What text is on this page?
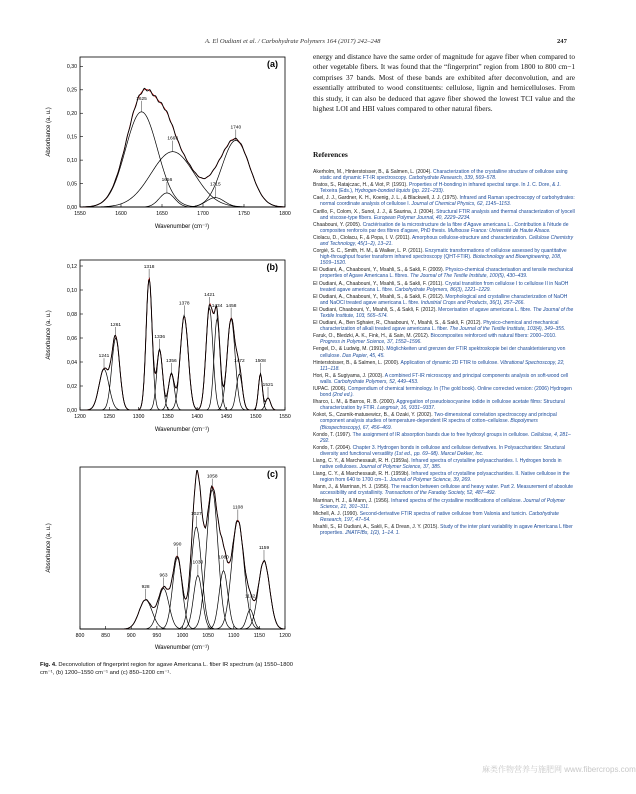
A. El Oudiani et al. / Carbohydrate Polymers 164 (2017) 242–248	247
(a)
Absorbance (a. u.)
Wavenumber (cm⁻¹)
1550	1600	1650	1700	1750	1800
0,00
0,05
0,10
0,15
0,20
0,25
0,30
1625
1656
1663
1715
1740
(b)
Absorbance (a. u.)
Wavenumber (cm⁻¹)
1200	1250	1300	1350	1400	1450	1500	1550
0,00
0,02
0,04
0,06
0,08
0,10
0,12
1241
1261
1318
1336
1356
1378
1421
1434 1458
1472 1508
1521
(c)
Absorbance (a. u.)
Wavenumber (cm⁻¹)
800	850	900	950	1000	1050	1100	1150	1200
928
963
990
1027
1030
1058
1080
1108
1132
1159
Fig. 4. Deconvolution of fingerprint region for agave Americana L. fiber IR spectrum (a) 1550–1800 cm⁻¹, (b) 1200–1550 cm⁻¹ and (c) 850–1200 cm⁻¹.
energy and distance have the same order of magnitude for agave fiber when compared to other vegetable fibers. It was found that the “fingerprint” region from 1800 to 800 cm−1 comprises 37 bands. Most of these bands are exhibited after deconvolution, and are essentially attributed to wood constituents: cellulose, lignin and hemicelluloses. From this study, it can also be deduced that agave fiber showed the lowest TCI value and the highest LOI and HBI values compared to other natural fibers.
References
Akerholm, M., Hinterstoisser, B., & Salmen, L. (2004). Characterization of the crystalline structure of cellulose using static and dynamic FT-IR spectroscopy. Carbohydrate Research, 339, 569–578.
Bratos, S., Ratajczac, H., & Viot, P. (1991). Properties of H-bonding in infrared spectral range. In J. C. Dore, & J. Teixeira (Eds.), Hydrogen-bonded liquids (pp. 221–233).
Cael, J. J., Gardner, K. H., Koenig, J. L., & Blackwell, J. J. (1975). Infrared and Raman spectroscopy of carbohydrates: normal coordinate analysis of cellulose I. Journal of Chemical Physics, 62, 1145–1153.
Carillo, F., Colom, X., Sunol, J. J., & Saurina, J. (2004). Structural FTIR analysis and thermal characterization of lyocell and viscose-type fibers. European Polymer Journal, 40, 2229–2234.
Chaabouni, Y. (2005). Cractérisation de la microstructure de la fibre d'Agave americana L.. Contribution à l'étude de composites renforcés par des fibres d'agave, PhD thesis. Mulhouse France: Université de Haute Alsace.
Ciolacu, D., Ciolacu, F., & Popa, I. V. (2011). Amorphous cellulose-structure and characterization. Cellulose Chemistry and Technology, 45(1–2), 13–21.
Corgié, S. C., Smith, H. M., & Walker, L. P. (2011). Enzymatic transformations of cellulose assessed by quantitative high-throughput fourier transform infrared spectroscopy (QHT-FTIR). Biotechnology and Bioengineering, 108, 1509–1520.
El Oudiani, A., Chaabouni, Y., Msahli, S., & Sakli, F. (2009). Physico-chemical characterisation and tensile mechanical properties of Agave Americana L. fibres. The Journal of The Textile Institute, 100(5), 430–439.
El Oudiani, A., Chaabouni, Y., Msahli, S., & Sakli, F. (2011). Crystal transition from cellulose I to cellulose II in NaOH treated agave americana L. fibre. Carbohydrate Polymers, 86(3), 1221–1229.
El Oudiani, A., Chaabouni, Y., Msahli, S., & Sakli, F. (2012). Morphological and crystalline characterization of NaOH and NaOCl treated agave americana L. fibre. Industrial Crops and Products, 36(1), 257–266.
El Oudiani, Chaabouni, Y., Msahli, S., & Sakli, F. (2012). Mercerisation of agave americana L. fibre. The Journal of the Textile Institute, 103, 565–574.
El Oudiani, A., Ben Sghaier, R., Chaabouni, Y., Msahli, S., & Sakli, F. (2012). Physico-chemical and mechanical characterization of alkali treated agave americana L. fiber. The Journal of the Textile Institute, 103(4), 349–355.
Faruk, O., Bledzki, A. K., Fink, H., & Sain, M. (2012). Biocomposites reinforced with natural fibers: 2000–2010. Progress in Polymer Science, 37, 1552–1596.
Fengel, D., & Ludwig, M. (1991). Möglichkeiten und grenzen der FTIR spektroskopie bei der charakterisierung von cellulose. Das Papier, 45, 45.
Hinterstoisser, B., & Salmen, L. (2000). Application of dynamic 2D FTIR to cellulose. Vibrational Spectroscopy, 22, 111–118.
Hori, R., & Sugiyama, J. (2003). A combined FT-IR microscopy and principal components analysis on soft-wood cell walls. Carbohydrate Polymers, 52, 449–453.
IUPAC. (2006). Compendium of chemical terminology. In (The gold book). Online corrected version: (2006) Hydrogen bond (2nd ed.).
Ilharco, L. M., & Barros, R. B. (2000). Aggregation of pseudoisocyanine iodide in cellulose acetate films: Structural characterization by FTIR. Langmuir, 16, 9331–9337.
Kokot, S., Czarnik-matusewicz, B., & Ozaki, Y. (2002). Two-dimensional correlation spectroscopy and principal component analysis studies of temperature-dependent IR spectra of cotton–cellulose. Biopolymers (Biospectroscopy), 67, 456–469.
Kondo, T. (1997). The assignment of IR absorption bands due to free hydroxyl groups in cellulose. Cellulose, 4, 281–292.
Kondo, T. (2004). Chapter 3. Hydrogen bonds in cellulose and cellulose derivatives. In Polysaccharides: Structural diversity and functional versatility (1st ed., pp. 69–98). Marcel Dekker, Inc.
Liang, C. Y., & Marchessault, R. H. (1959a). Infrared spectra of crystalline polysaccharides. I. Hydrogen bonds in native celluloses. Journal of Polymer Science, 37, 385.
Liang, C. Y., & Marchessault, R. H. (1959b). Infrared spectra of crystalline polysaccharides. II. Native cellulose in the region from 640 to 1700 cm−1. Journal of Polymer Science, 39, 269.
Mann, J., & Marrinan, H. J. (1956). The reaction between cellulose and heavy water. Part 2. Measurement of absolute accessibility and crystallinity. Transactions of the Faraday Society, 52, 487–492.
Marrinan, H. J., & Mann, J. (1956). Infrared spectra of the crystalline modifications of cellulose. Journal of Polymer Science, 21, 301–311.
Michell, A. J. (1990). Second-derivative FTIR spectra of native cellulose from Valonia and tunicin. Carbohydrate Research, 197, 47–54.
Msahli, S., El Oudiani, A., Sakli, F., & Drean, J. Y. (2015). Study of the inter plant variability in agave Americana L fiber properties. JNATFIBs, 1(2), 1–14. 1.
麻类作物营养与施肥网 www.fibercrops.com
